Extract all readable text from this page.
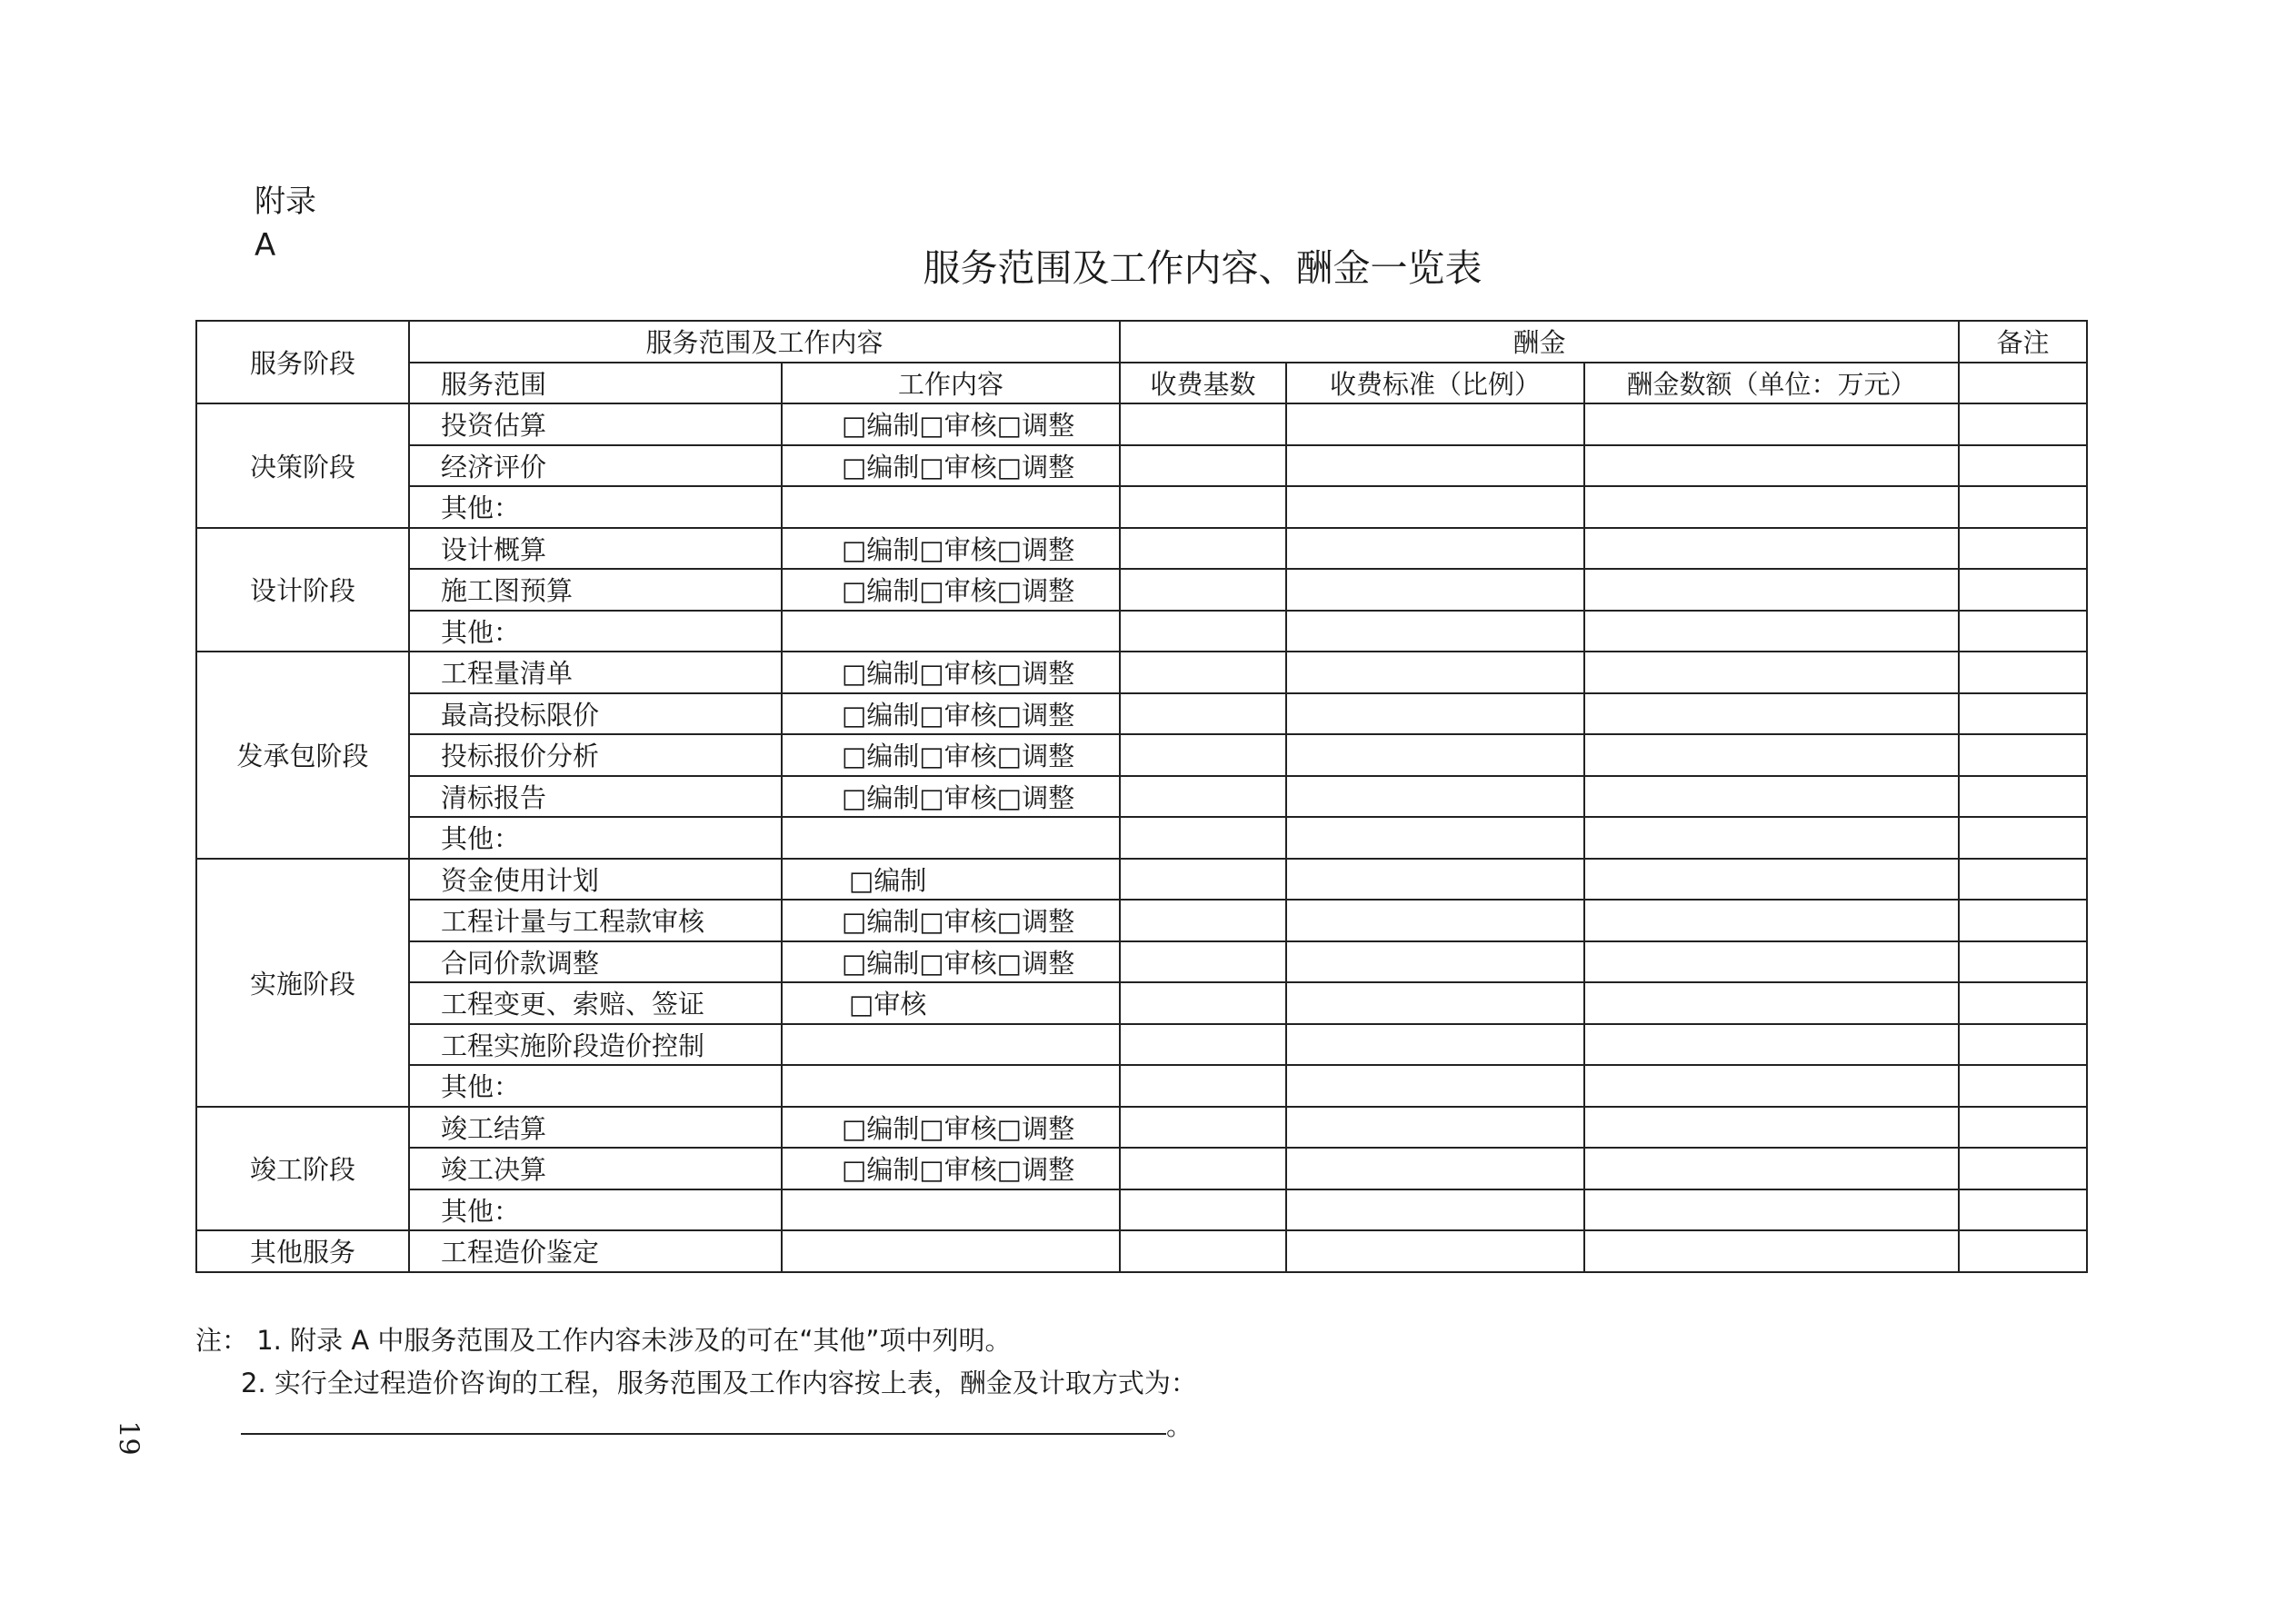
附录
A
服务范围及工作内容、酬金一览表
服务阶段	服务范围及工作内容		酬金			备注
	服务范围	工作内容	收费基数	收费标准（比例）	酬金数额（单位：万元）	
决策阶段	投资估算	□编制□审核□调整				
	经济评价	□编制□审核□调整				
	其他：					
设计阶段	设计概算	□编制□审核□调整				
	施工图预算	□编制□审核□调整				
	其他：					
发承包阶段	工程量清单	□编制□审核□调整				
	最高投标限价	□编制□审核□调整				
	投标报价分析	□编制□审核□调整				
	清标报告	□编制□审核□调整				
	其他：					
实施阶段	资金使用计划	□编制				
	工程计量与工程款审核	□编制□审核□调整				
	合同价款调整	□编制□审核□调整				
	工程变更、索赔、签证	□审核				
	工程实施阶段造价控制					
	其他：					
竣工阶段	竣工结算	□编制□审核□调整				
	竣工决算	□编制□审核□调整				
	其他：					
其他服务	工程造价鉴定					
注： 1. 附录 A 中服务范围及工作内容未涉及的可在“其他”项中列明。
2. 实行全过程造价咨询的工程，服务范围及工作内容按上表，酬金及计取方式为：。
19
